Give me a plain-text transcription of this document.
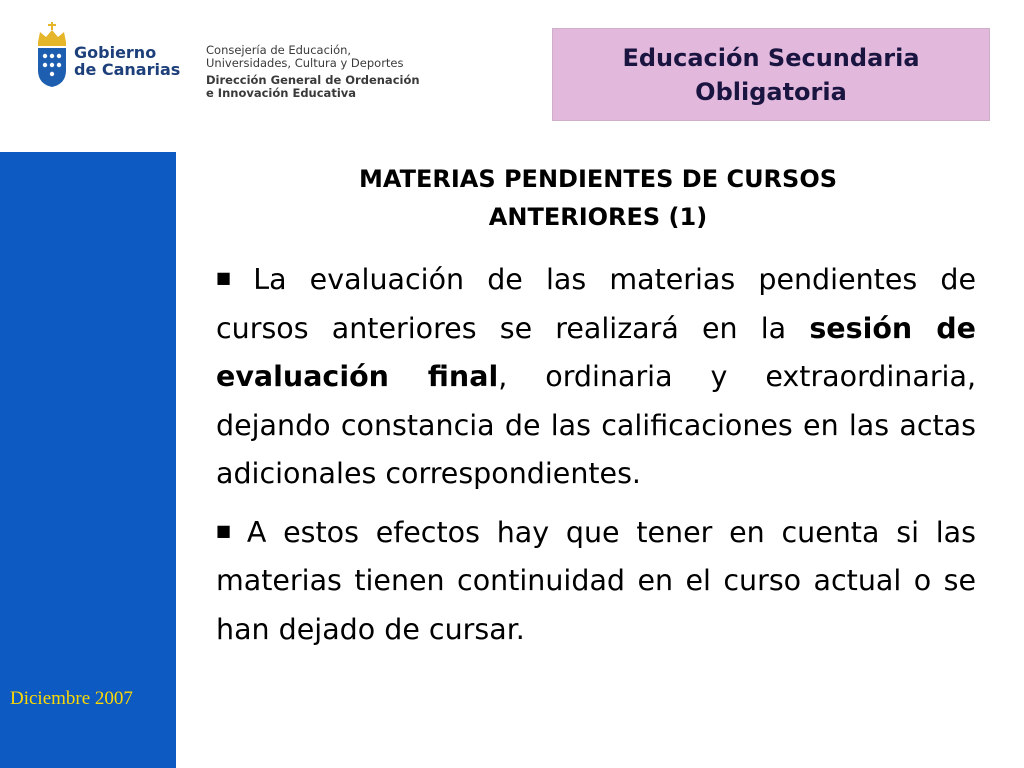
Gobierno
de Canarias
Consejería de Educación,
Universidades, Cultura y Deportes
Dirección General de Ordenación
e Innovación Educativa
Educación Secundaria
Obligatoria
Diciembre 2007
MATERIAS PENDIENTES DE CURSOS
ANTERIORES (1)
■ La evaluación de las materias pendientes de cursos anteriores se realizará en la sesión de evaluación final, ordinaria y extraordinaria, dejando constancia de las calificaciones en las actas adicionales correspondientes.
■ A estos efectos hay que tener en cuenta si las materias tienen continuidad en el curso actual o se han dejado de cursar.
